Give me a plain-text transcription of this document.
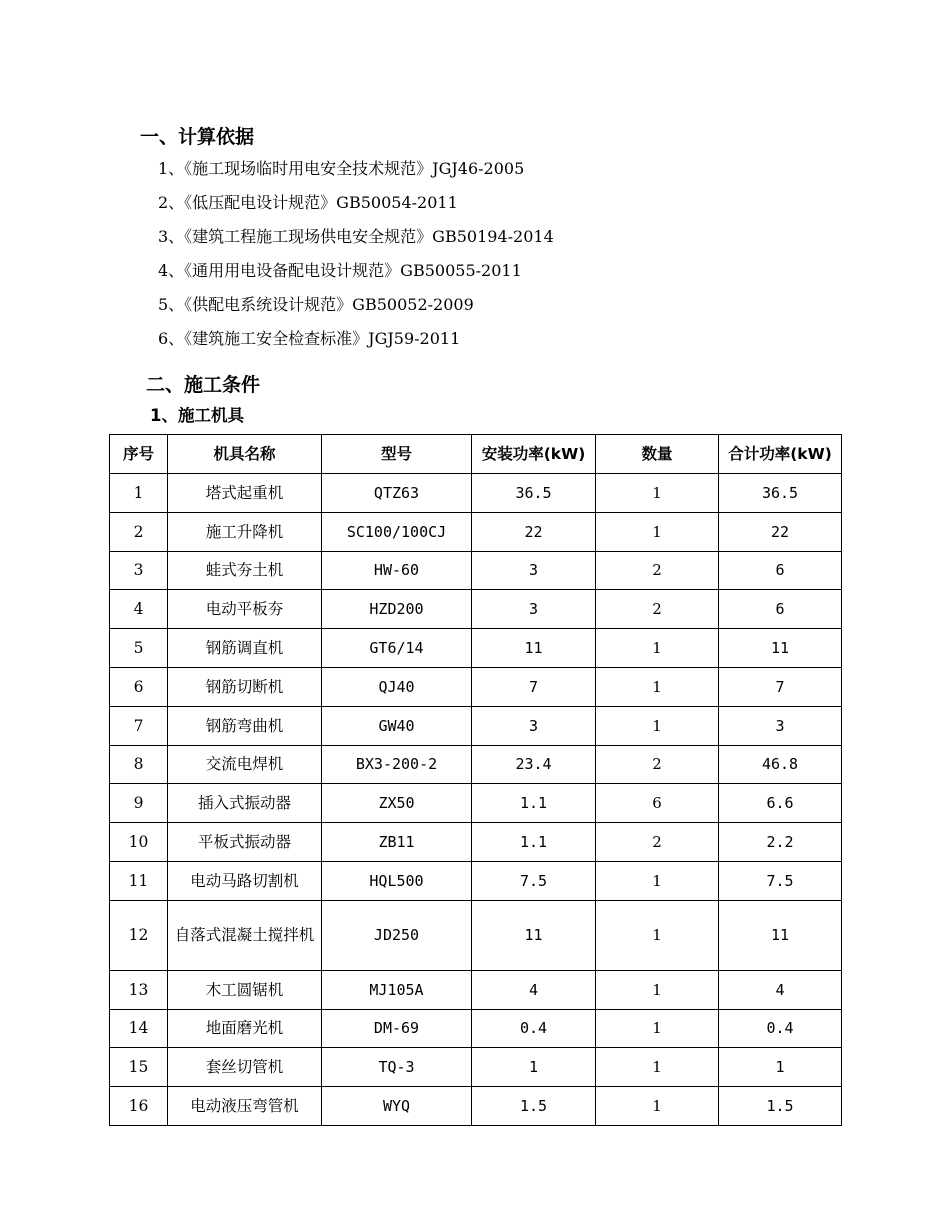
一、计算依据
1、《施工现场临时用电安全技术规范》JGJ46-2005
2、《低压配电设计规范》GB50054-2011
3、《建筑工程施工现场供电安全规范》GB50194-2014
4、《通用用电设备配电设计规范》GB50055-2011
5、《供配电系统设计规范》GB50052-2009
6、《建筑施工安全检查标准》JGJ59-2011
二、施工条件
1、施工机具
序号	机具名称	型号	安装功率(kW)	数量	合计功率(kW)
1	塔式起重机	QTZ63	36.5	1	36.5
2	施工升降机	SC100/100CJ	22	1	22
3	蛙式夯土机	HW-60	3	2	6
4	电动平板夯	HZD200	3	2	6
5	钢筋调直机	GT6/14	11	1	11
6	钢筋切断机	QJ40	7	1	7
7	钢筋弯曲机	GW40	3	1	3
8	交流电焊机	BX3-200-2	23.4	2	46.8
9	插入式振动器	ZX50	1.1	6	6.6
10	平板式振动器	ZB11	1.1	2	2.2
11	电动马路切割机	HQL500	7.5	1	7.5
12	自落式混凝土搅拌机	JD250	11	1	11
13	木工圆锯机	MJ105A	4	1	4
14	地面磨光机	DM-69	0.4	1	0.4
15	套丝切管机	TQ-3	1	1	1
16	电动液压弯管机	WYQ	1.5	1	1.5
